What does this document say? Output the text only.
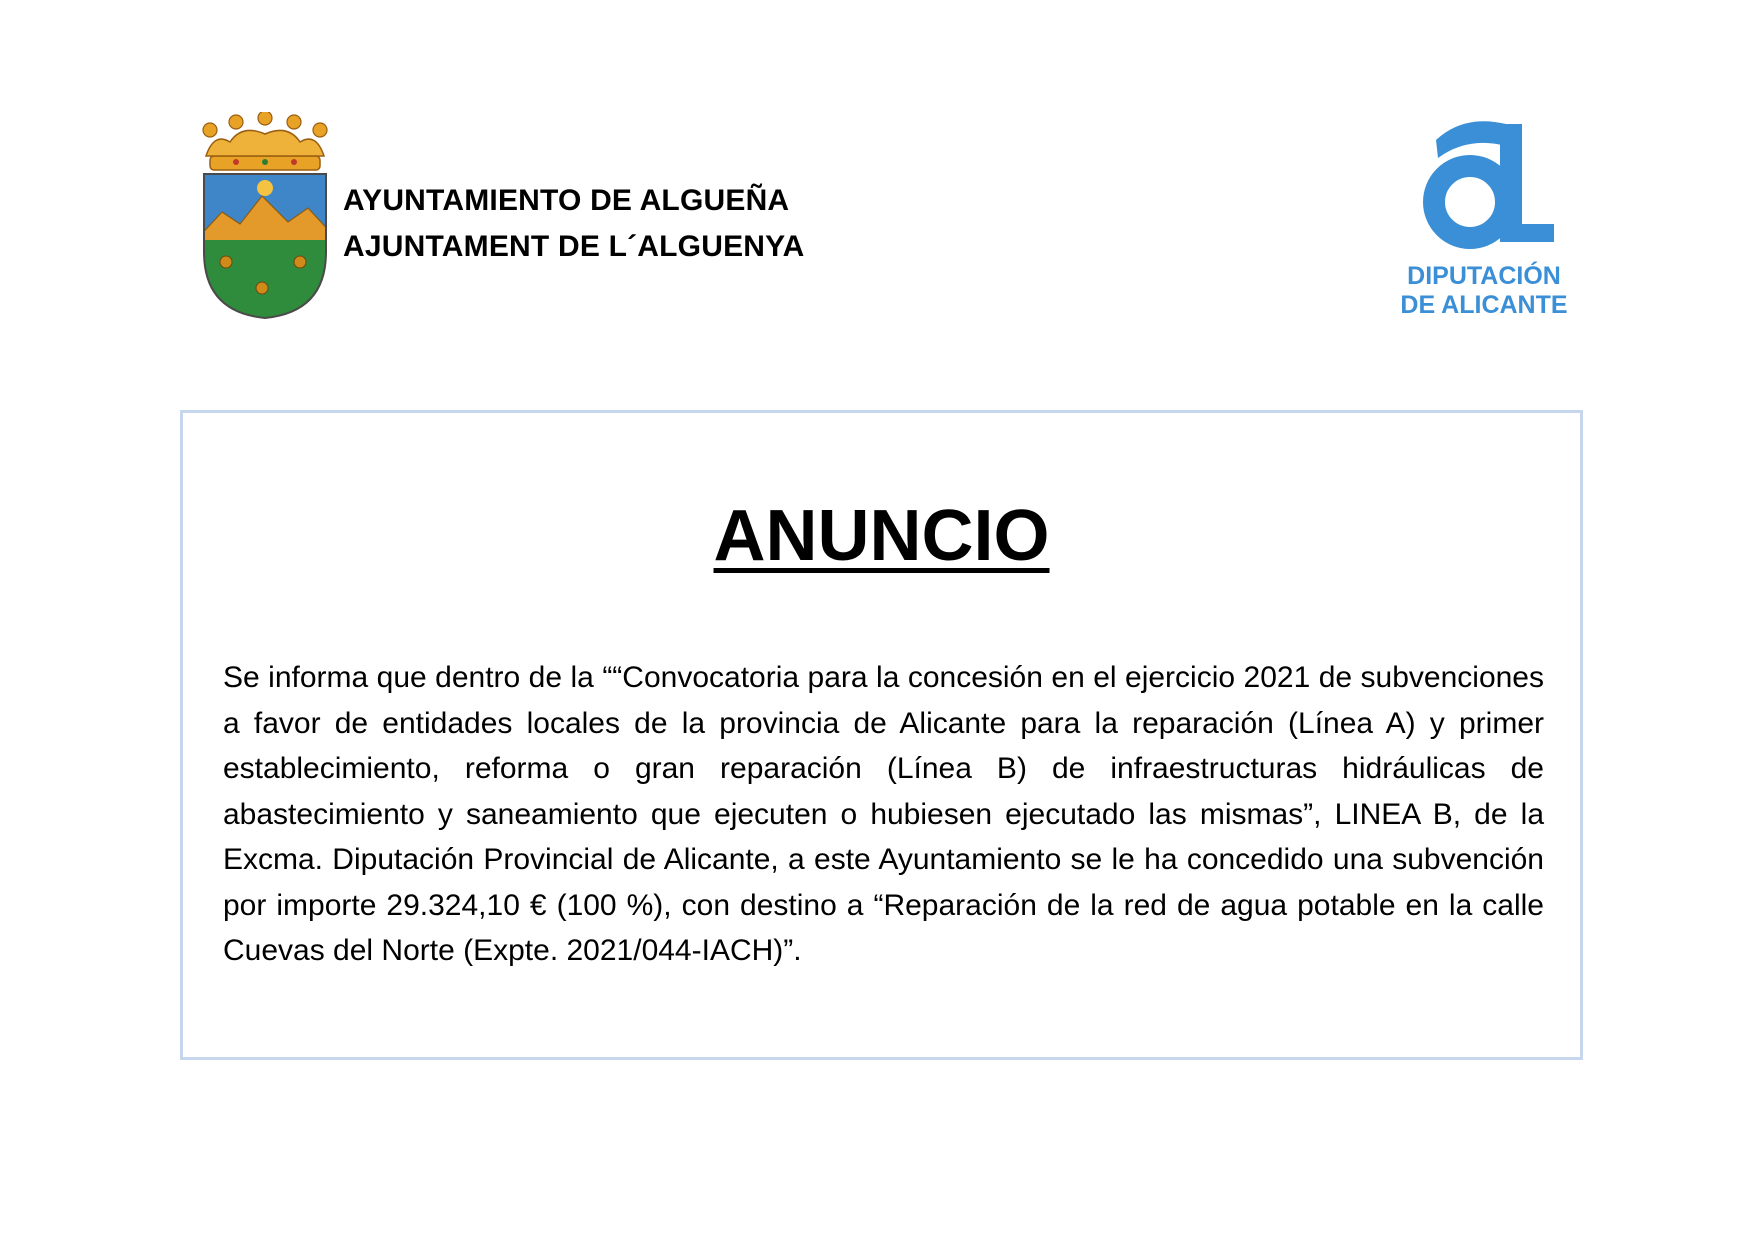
AYUNTAMIENTO DE ALGUEÑA
AJUNTAMENT DE L´ALGUENYA
DIPUTACIÓN
DE ALICANTE
ANUNCIO

Se informa que dentro de la ““Convocatoria para la concesión en el ejercicio 2021 de subvenciones a favor de entidades locales de la provincia de Alicante para la reparación (Línea A) y primer establecimiento, reforma o gran reparación (Línea B) de infraestructuras hidráulicas de abastecimiento y saneamiento que ejecuten o hubiesen ejecutado las mismas”, LINEA B, de la Excma. Diputación Provincial de Alicante, a este Ayuntamiento se le ha concedido una subvención por importe 29.324,10 € (100 %), con destino a “Reparación de la red de agua potable en la calle Cuevas del Norte (Expte. 2021/044-IACH)”.
